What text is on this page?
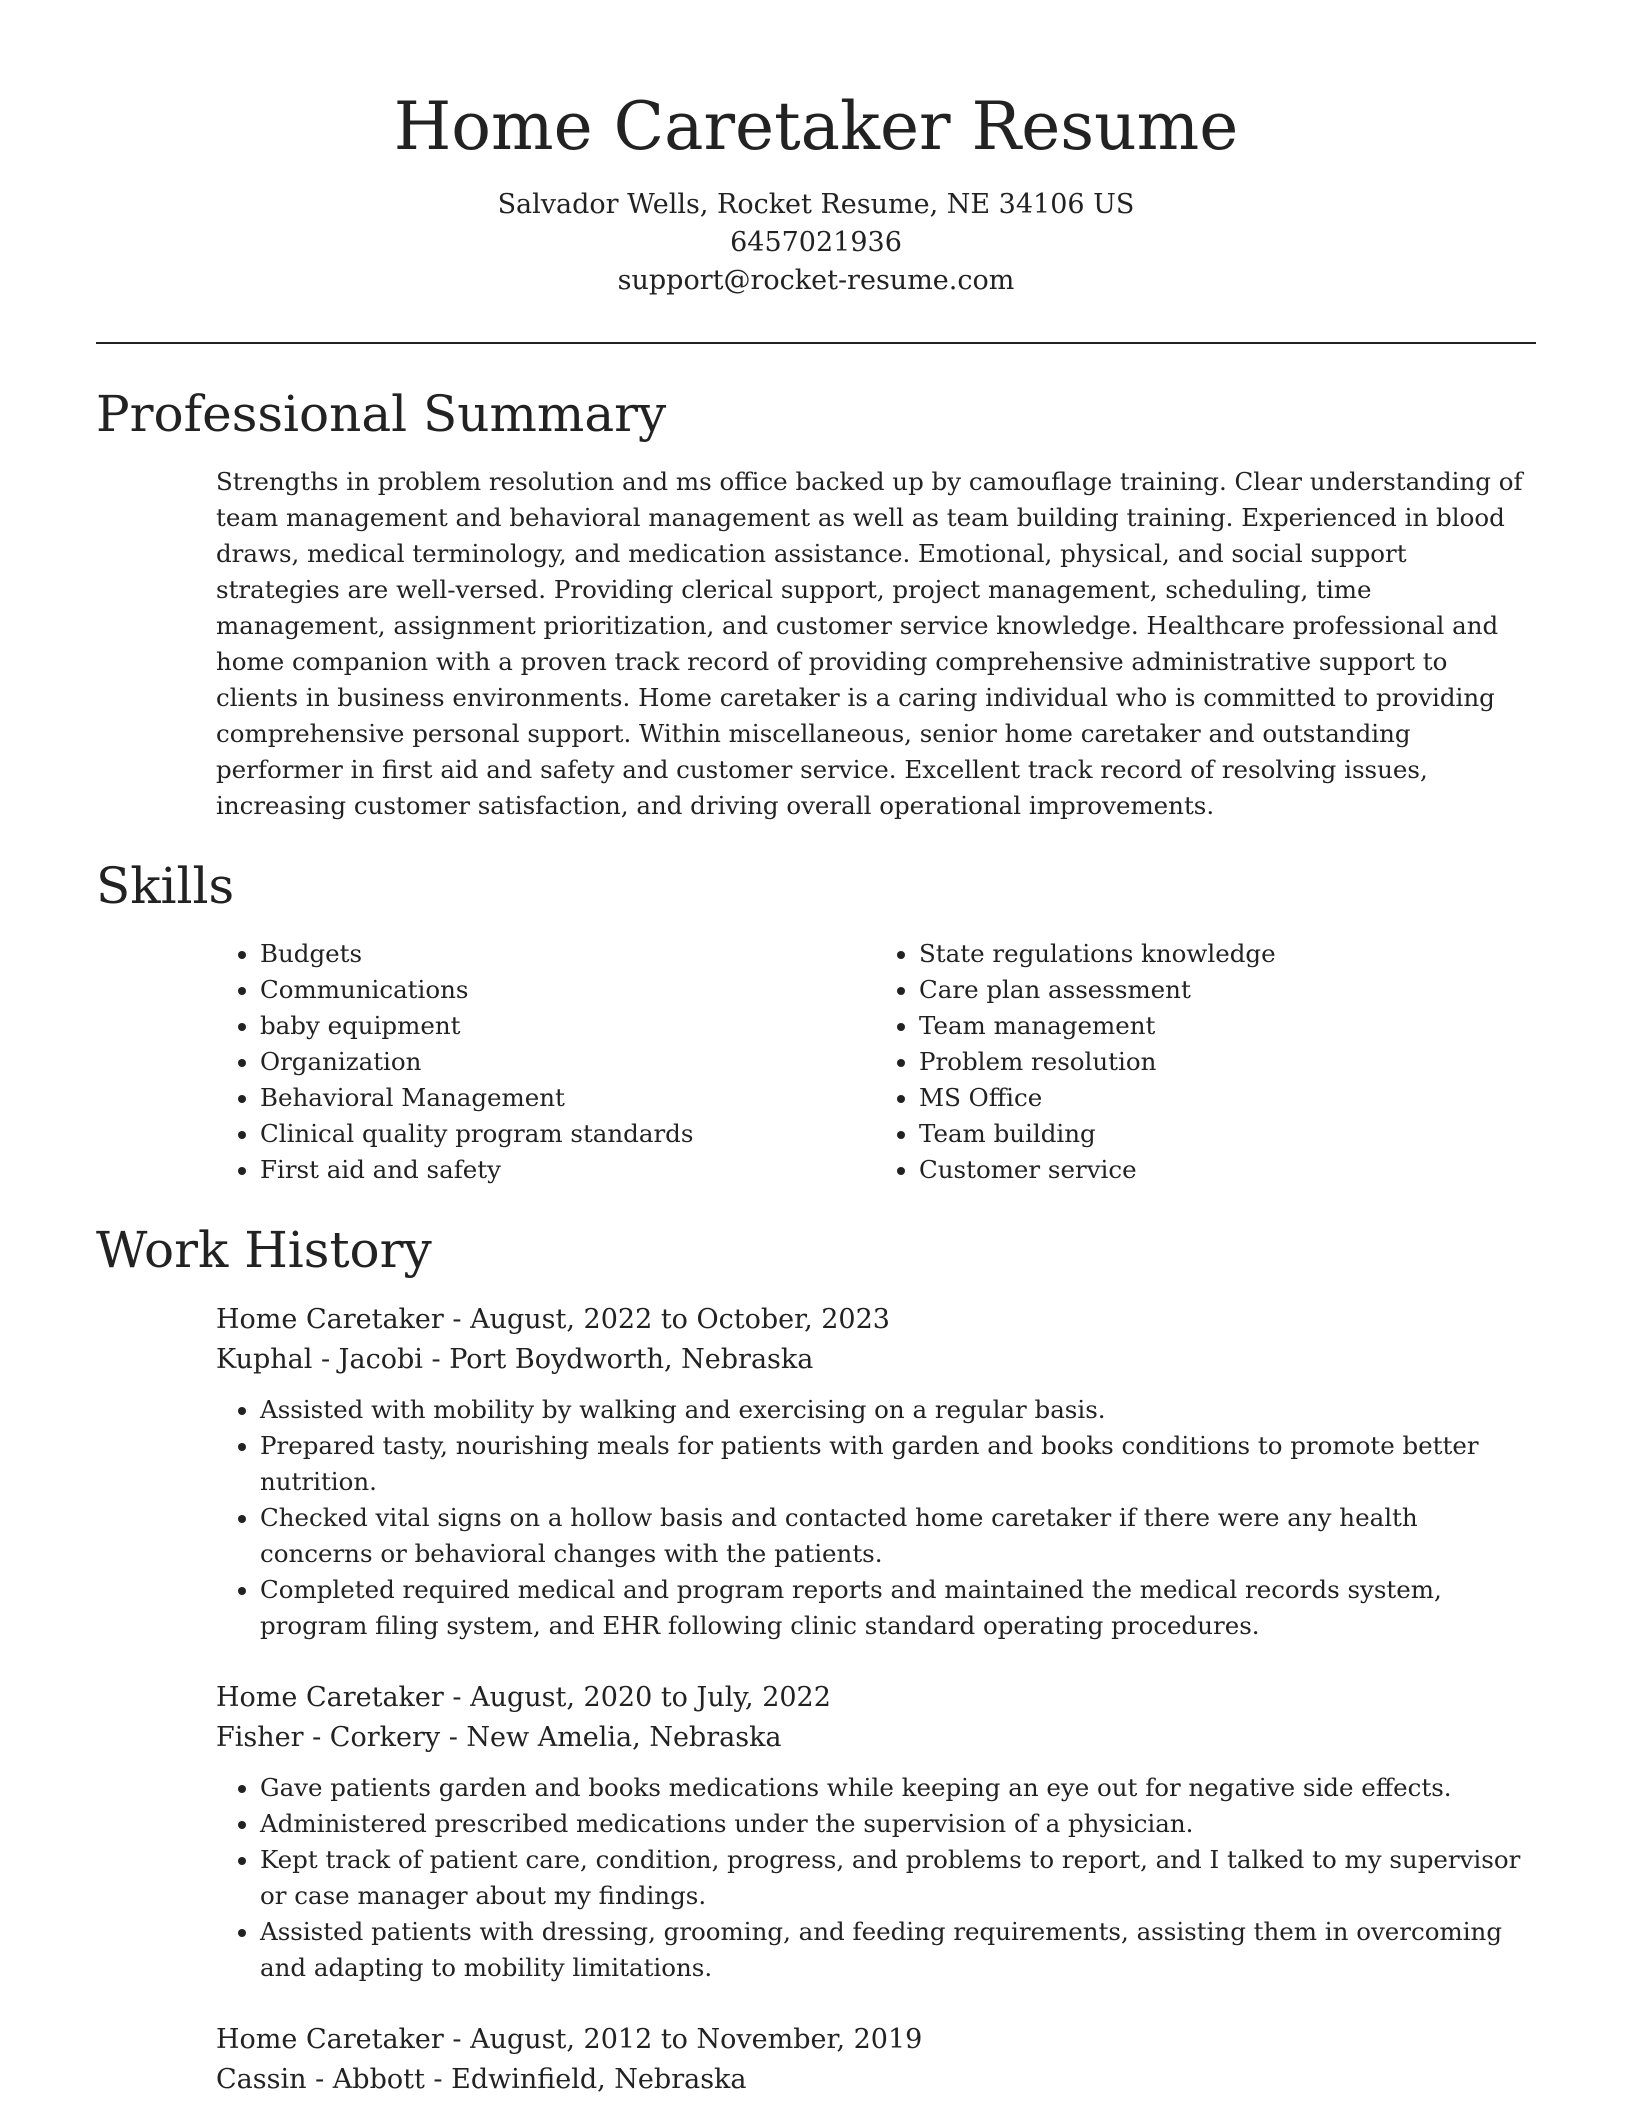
Home Caretaker Resume
Salvador Wells, Rocket Resume, NE 34106 US
6457021936
support@rocket-resume.com
Professional Summary

Strengths in problem resolution and ms office backed up by camouflage training. Clear understanding of team management and behavioral management as well as team building training. Experienced in blood draws, medical terminology, and medication assistance. Emotional, physical, and social support strategies are well-versed. Providing clerical support, project management, scheduling, time management, assignment prioritization, and customer service knowledge. Healthcare professional and home companion with a proven track record of providing comprehensive administrative support to clients in business environments. Home caretaker is a caring individual who is committed to providing comprehensive personal support. Within miscellaneous, senior home caretaker and outstanding performer in first aid and safety and customer service. Excellent track record of resolving issues, increasing customer satisfaction, and driving overall operational improvements.

Skills
• Budgets
• Communications
• baby equipment
• Organization
• Behavioral Management
• Clinical quality program standards
• First aid and safety
• State regulations knowledge
• Care plan assessment
• Team management
• Problem resolution
• MS Office
• Team building
• Customer service
Work History
Home Caretaker - August, 2022 to October, 2023
Kuphal - Jacobi - Port Boydworth, Nebraska
• Assisted with mobility by walking and exercising on a regular basis.
• Prepared tasty, nourishing meals for patients with garden and books conditions to promote better nutrition.
• Checked vital signs on a hollow basis and contacted home caretaker if there were any health concerns or behavioral changes with the patients.
• Completed required medical and program reports and maintained the medical records system, program filing system, and EHR following clinic standard operating procedures.
Home Caretaker - August, 2020 to July, 2022
Fisher - Corkery - New Amelia, Nebraska
• Gave patients garden and books medications while keeping an eye out for negative side effects.
• Administered prescribed medications under the supervision of a physician.
• Kept track of patient care, condition, progress, and problems to report, and I talked to my supervisor or case manager about my findings.
• Assisted patients with dressing, grooming, and feeding requirements, assisting them in overcoming and adapting to mobility limitations.
Home Caretaker - August, 2012 to November, 2019
Cassin - Abbott - Edwinfield, Nebraska
